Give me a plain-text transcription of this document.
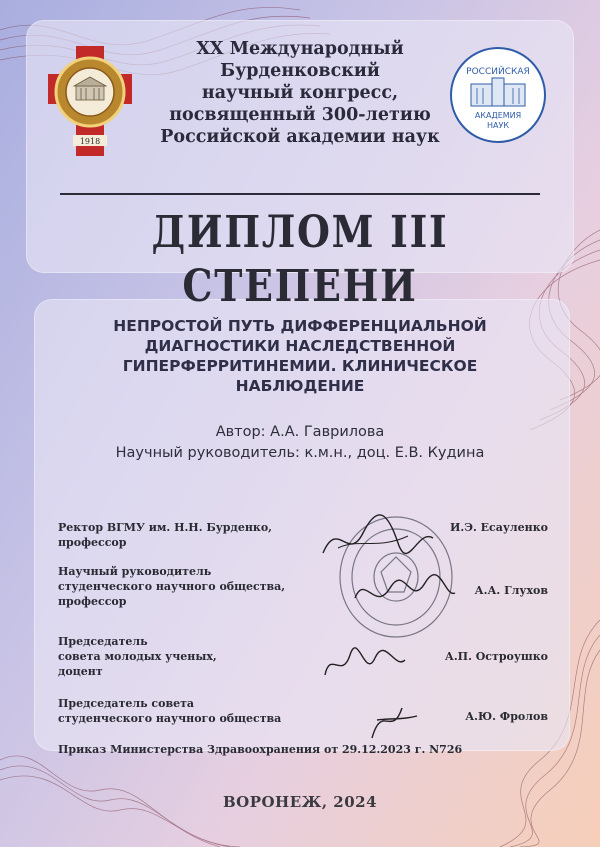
1918
РОССИЙСКАЯ
АКАДЕМИЯ
НАУК
XX Международный
Бурденковский
научный конгресс,
посвященный 300-летию
Российской академии наук
ДИПЛОМ III СТЕПЕНИ
НЕПРОСТОЙ ПУТЬ ДИФФЕРЕНЦИАЛЬНОЙ ДИАГНОСТИКИ НАСЛЕДСТВЕННОЙ ГИПЕРФЕРРИТИНЕМИИ. КЛИНИЧЕСКОЕ НАБЛЮДЕНИЕ
Автор: А.А. Гаврилова
Научный руководитель: к.м.н., доц. Е.В. Кудина
Ректор ВГМУ им. Н.Н. Бурденко,
профессор
И.Э. Есауленко
Научный руководитель
студенческого научного общества,
профессор
А.А. Глухов
Председатель
совета молодых ученых,
доцент
А.П. Остроушко
Председатель совета
студенческого научного общества	А.Ю. Фролов
Приказ Министерства Здравоохранения от 29.12.2023 г. N726
ВОРОНЕЖ, 2024
